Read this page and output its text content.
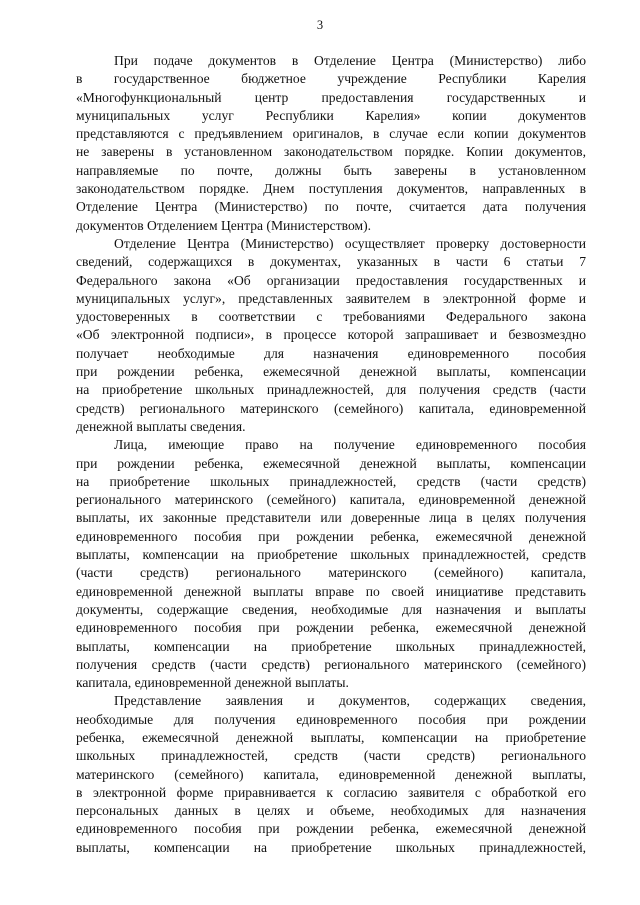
3

При подаче документов в Отделение Центра (Министерство) либо
в государственное бюджетное учреждение Республики Карелия
«Многофункциональный центр предоставления государственных и
муниципальных услуг Республики Карелия» копии документов
представляются с предъявлением оригиналов, в случае если копии документов
не заверены в установленном законодательством порядке. Копии документов,
направляемые по почте, должны быть заверены в установленном
законодательством порядке. Днем поступления документов, направленных в
Отделение Центра (Министерство) по почте, считается дата получения
документов Отделением Центра (Министерством).

Отделение Центра (Министерство) осуществляет проверку достоверности
сведений, содержащихся в документах, указанных в части 6 статьи 7
Федерального закона «Об организации предоставления государственных и
муниципальных услуг», представленных заявителем в электронной форме и
удостоверенных в соответствии с требованиями Федерального закона
«Об электронной подписи», в процессе которой запрашивает и безвозмездно
получает необходимые для назначения единовременного пособия
при рождении ребенка, ежемесячной денежной выплаты, компенсации
на приобретение школьных принадлежностей, для получения средств (части
средств) регионального материнского (семейного) капитала, единовременной
денежной выплаты сведения.

Лица, имеющие право на получение единовременного пособия
при рождении ребенка, ежемесячной денежной выплаты, компенсации
на приобретение школьных принадлежностей, средств (части средств)
регионального материнского (семейного) капитала, единовременной денежной
выплаты, их законные представители или доверенные лица в целях получения
единовременного пособия при рождении ребенка, ежемесячной денежной
выплаты, компенсации на приобретение школьных принадлежностей, средств
(части средств) регионального материнского (семейного) капитала,
единовременной денежной выплаты вправе по своей инициативе представить
документы, содержащие сведения, необходимые для назначения и выплаты
единовременного пособия при рождении ребенка, ежемесячной денежной
выплаты, компенсации на приобретение школьных принадлежностей,
получения средств (части средств) регионального материнского (семейного)
капитала, единовременной денежной выплаты.

Представление заявления и документов, содержащих сведения,
необходимые для получения единовременного пособия при рождении
ребенка, ежемесячной денежной выплаты, компенсации на приобретение
школьных принадлежностей, средств (части средств) регионального
материнского (семейного) капитала, единовременной денежной выплаты,
в электронной форме приравнивается к согласию заявителя с обработкой его
персональных данных в целях и объеме, необходимых для назначения
единовременного пособия при рождении ребенка, ежемесячной денежной
выплаты, компенсации на приобретение школьных принадлежностей,
